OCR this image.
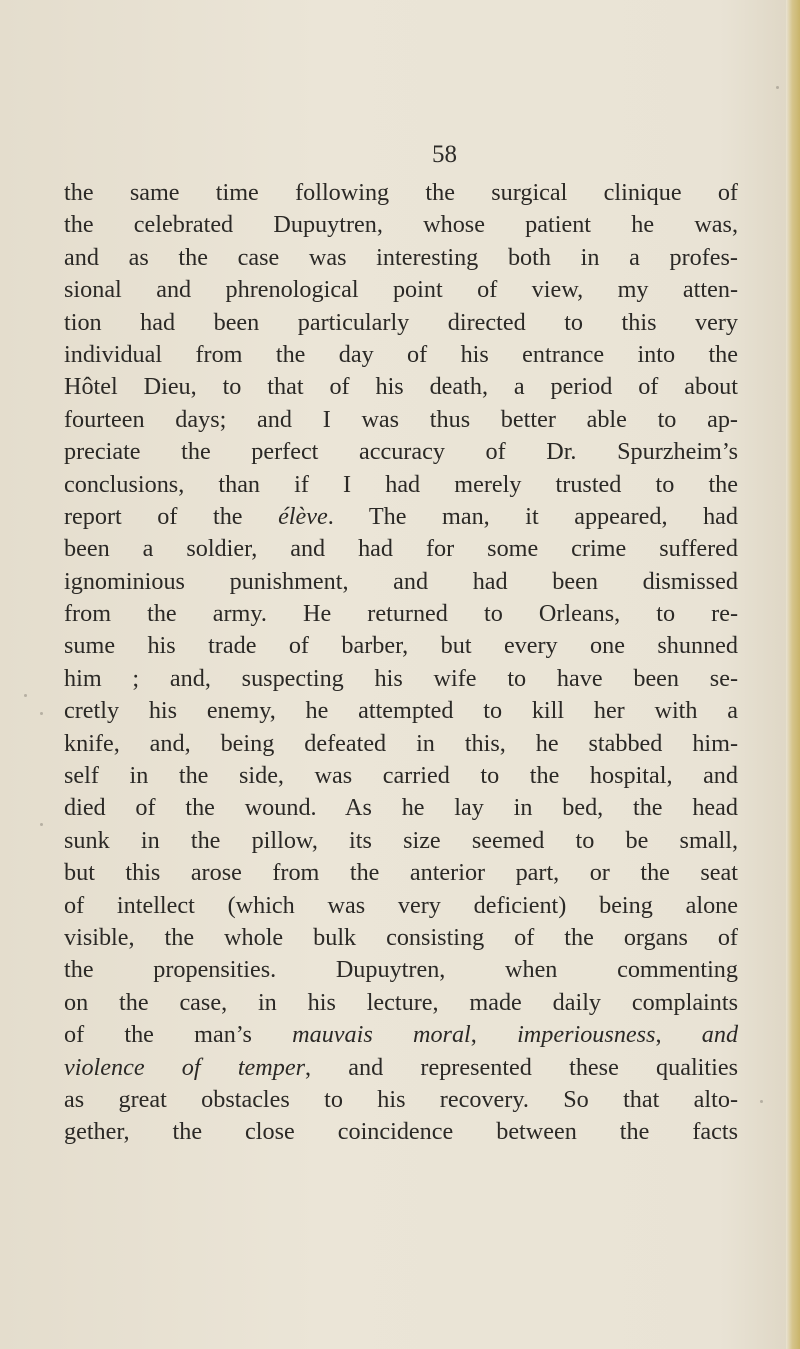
58

the same time following the surgical clinique of

the celebrated Dupuytren, whose patient he was,

and as the case was interesting both in a profes-

sional and phrenological point of view, my atten-

tion had been particularly directed to this very

individual from the day of his entrance into the

Hôtel Dieu, to that of his death, a period of about

fourteen days; and I was thus better able to ap-

preciate the perfect accuracy of Dr. Spurzheim’s

conclusions, than if I had merely trusted to the

report of the élève. The man, it appeared, had

been a soldier, and had for some crime suffered

ignominious punishment, and had been dismissed

from the army. He returned to Orleans, to re-

sume his trade of barber, but every one shunned

him ; and, suspecting his wife to have been se-

cretly his enemy, he attempted to kill her with a

knife, and, being defeated in this, he stabbed him-

self in the side, was carried to the hospital, and

died of the wound. As he lay in bed, the head

sunk in the pillow, its size seemed to be small,

but this arose from the anterior part, or the seat

of intellect (which was very deficient) being alone

visible, the whole bulk consisting of the organs of

the propensities. Dupuytren, when commenting

on the case, in his lecture, made daily complaints

of the man’s mauvais moral, imperiousness, and

violence of temper, and represented these qualities

as great obstacles to his recovery. So that alto-

gether, the close coincidence between the facts
